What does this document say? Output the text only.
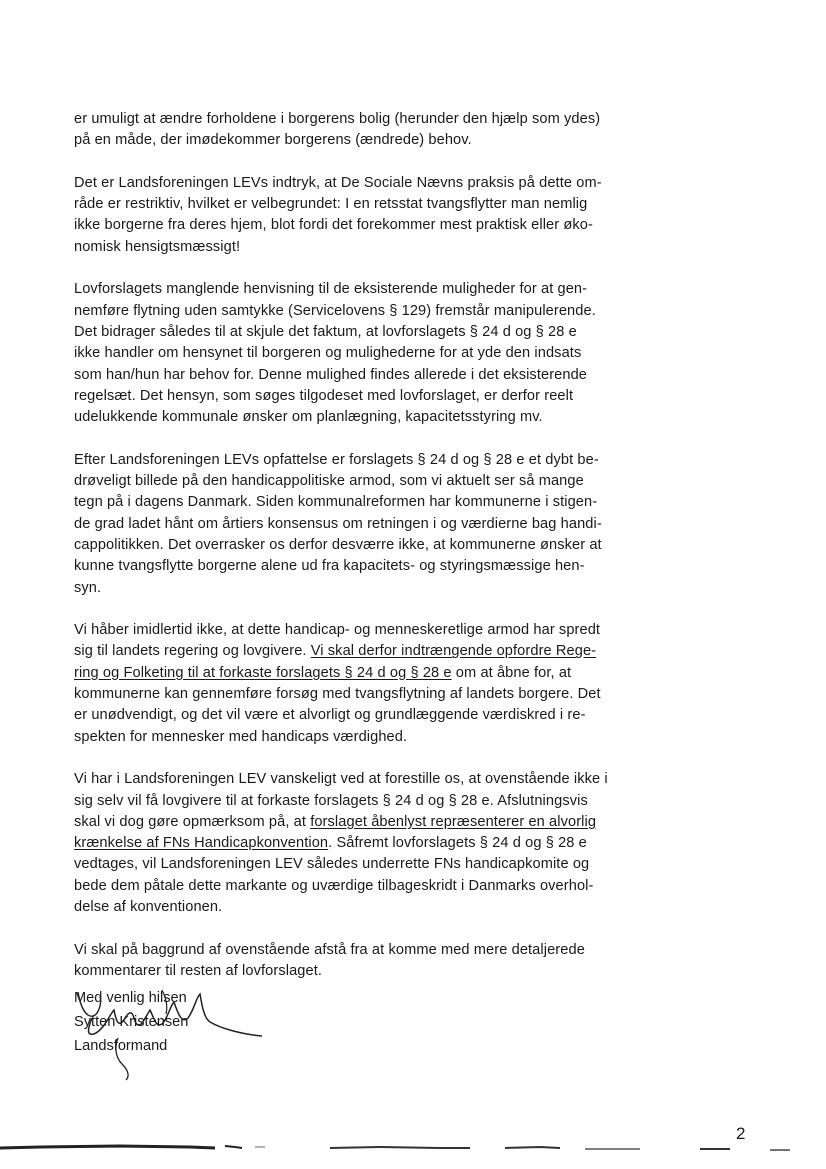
er umuligt at ændre forholdene i borgerens bolig (herunder den hjælp som ydes)
på en måde, der imødekommer borgerens (ændrede) behov.

Det er Landsforeningen LEVs indtryk, at De Sociale Nævns praksis på dette om-
råde er restriktiv, hvilket er velbegrundet: I en retsstat tvangsflytter man nemlig
ikke borgerne fra deres hjem, blot fordi det forekommer mest praktisk eller øko-
nomisk hensigtsmæssigt!

Lovforslagets manglende henvisning til de eksisterende muligheder for at gen-
nemføre flytning uden samtykke (Servicelovens § 129) fremstår manipulerende.
Det bidrager således til at skjule det faktum, at lovforslagets § 24 d og § 28 e
ikke handler om hensynet til borgeren og mulighederne for at yde den indsats
som han/hun har behov for. Denne mulighed findes allerede i det eksisterende
regelsæt. Det hensyn, som søges tilgodeset med lovforslaget, er derfor reelt
udelukkende kommunale ønsker om planlægning, kapacitetsstyring mv.

Efter Landsforeningen LEVs opfattelse er forslagets § 24 d og § 28 e et dybt be-
drøveligt billede på den handicappolitiske armod, som vi aktuelt ser så mange
tegn på i dagens Danmark. Siden kommunalreformen har kommunerne i stigen-
de grad ladet hånt om årtiers konsensus om retningen i og værdierne bag handi-
cappolitikken. Det overrasker os derfor desværre ikke, at kommunerne ønsker at
kunne tvangsflytte borgerne alene ud fra kapacitets- og styringsmæssige hen-
syn.

Vi håber imidlertid ikke, at dette handicap- og menneskeretlige armod har spredt
sig til landets regering og lovgivere. Vi skal derfor indtrængende opfordre Rege-
ring og Folketing til at forkaste forslagets § 24 d og § 28 e om at åbne for, at
kommunerne kan gennemføre forsøg med tvangsflytning af landets borgere. Det
er unødvendigt, og det vil være et alvorligt og grundlæggende værdiskred i re-
spekten for mennesker med handicaps værdighed.

Vi har i Landsforeningen LEV vanskeligt ved at forestille os, at ovenstående ikke i
sig selv vil få lovgivere til at forkaste forslagets § 24 d og § 28 e. Afslutningsvis
skal vi dog gøre opmærksom på, at forslaget åbenlyst repræsenterer en alvorlig
krænkelse af FNs Handicapkonvention. Såfremt lovforslagets § 24 d og § 28 e
vedtages, vil Landsforeningen LEV således underrette FNs handicapkomite og
bede dem påtale dette markante og uværdige tilbageskridt i Danmarks overhol-
delse af konventionen.

Vi skal på baggrund af ovenstående afstå fra at komme med mere detaljerede
kommentarer til resten af lovforslaget.

Med venlig hilsen
Sytten Kristensen
Landsformand
2
